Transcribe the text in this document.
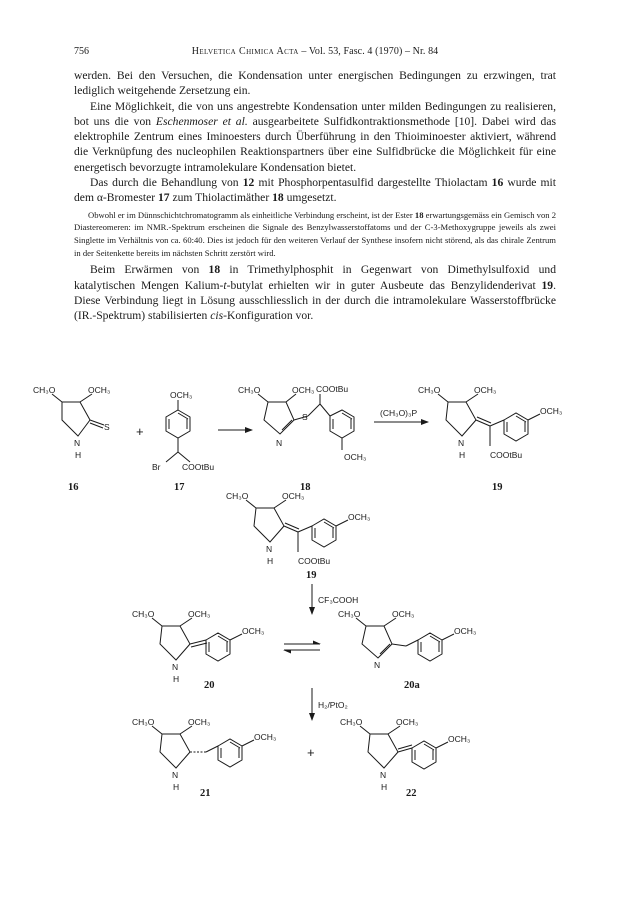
756	Helvetica Chimica Acta – Vol. 53, Fasc. 4 (1970) – Nr. 84

werden. Bei den Versuchen, die Kondensation unter energischen Bedingungen zu erzwingen, trat lediglich weitgehende Zersetzung ein.

Eine Möglichkeit, die von uns angestrebte Kondensation unter milden Bedingungen zu realisieren, bot uns die von Eschenmoser et al. ausgearbeitete Sulfidkontraktionsmethode [10]. Dabei wird das elektrophile Zentrum eines Iminoesters durch Überführung in den Thioiminoester aktiviert, während die Verknüpfung des nucleophilen Reaktionspartners über eine Sulfidbrücke die Möglichkeit für eine energetisch bevorzugte intramolekulare Kondensation bietet.

Das durch die Behandlung von 12 mit Phosphorpentasulfid dargestellte Thiolactam 16 wurde mit dem α-Bromester 17 zum Thiolactimäther 18 umgesetzt.

Obwohl er im Dünnschichtchromatogramm als einheitliche Verbindung erscheint, ist der Ester 18 erwartungsgemäss ein Gemisch von 2 Diastereomeren: im NMR.-Spektrum erscheinen die Signale des Benzylwasserstoffatoms und der C-3-Methoxygruppe jeweils als zwei Singlette im Verhältnis von ca. 60:40. Dies ist jedoch für den weiteren Verlauf der Synthese insofern nicht störend, als das chirale Zentrum in der Seitenkette bereits im nächsten Schritt zerstört wird.

Beim Erwärmen von 18 in Trimethylphosphit in Gegenwart von Dimethylsulfoxid und katalytischen Mengen Kalium-t-butylat erhielten wir in guter Ausbeute das Benzylidenderivat 19. Diese Verbindung liegt in Lösung ausschliesslich in der durch die intramolekulare Wasserstoffbrücke (IR.-Spektrum) stabilisierten cis-Konfiguration vor.

CH₃O	OCH₃
S
N
H
+
OCH₃
Br	COOtBu
CH₃O	OCH₃ COOtBu
S
N
OCH₃
(CH₃O)₃P
CH₃O	OCH₃
OCH₃
N
H	COOtBu
CH₃O	OCH₃
OCH₃
N
H	COOtBu
CF₃COOH
CH₃O	OCH₃
OCH₃
N
H
CH₃O	OCH₃
OCH₃
N
H₂/PtO₂
CH₃O	OCH₃
OCH₃
N
H
+
CH₃O	OCH₃
OCH₃
N
H
16	17	18	19
19
20	20a
21	22
